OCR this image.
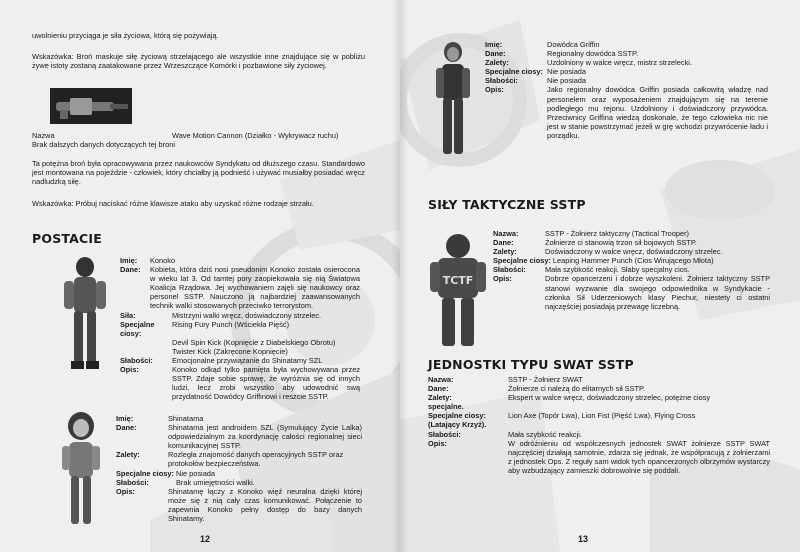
uwolnieniu przyciąga je siła życiowa, którą się pożywiają.

Wskazówka: Broń maskuje siłę życiową strzelającego ale wszystkie inne znajdujące się w pobliżu żywe istoty zostaną zaatakowane przez Wrzeszczące Komórki i pozbawione siły życiowej.

Nazwa	Wave Motion Cannon (Działko - Wykrywacz ruchu)
Brak dalszych danych dotyczących tej broni

Ta potężna broń była opracowywana przez naukowców Syndykatu od dłuższego czasu. Standardowo jest montowana na pojeździe - człowiek, który chciałby ją podnieść i używać musiałby posiadać wręcz nadludzką siłę.

Wskazówka: Próbuj naciskać różne klawisze ataku aby uzyskać różne rodzaje strzału.

POSTACIE
Imię:	Konoko
Dane:	Kobieta, która dziś nosi pseudonim Konoko została osierocona w wieku lat 3. Od tamtej pory zaopiekowała się nią Światowa Koalicja Rządowa. Jej wychowaniem zajęli się naukowcy oraz personel SSTP. Nauczono ją najbardziej zaawansowanych technik walki stosowanych przeciwko terrorystom.
Siła:	Mistrzyni walki wręcz, doświadczony strzelec.
Specjalne ciosy:
Rising Fury Punch (Wściekła Pięść)
Devil Spin Kick (Kopnięcie z Diabelskiego Obrotu)
Twister Kick (Zakręcone Kopnięcie)
Słabości:	Emocjonalne przywiązanie do Shinatamy SZL
Opis:	Konoko odkąd tylko pamięta była wychowywana przez SSTP. Zdaje sobie sprawę, że wyróżnia się od innych ludzi, lecz zrobi wszystko aby udowodnić swą przydatność Dowódcy Griffinowi i reszcie SSTP.
Imię:	Shinatama
Dane:	Shinatama jest androidem SZL (Symulujący Życie Lalka) odpowiedzialnym za koordynację całości regionalnej sieci komunikacyjnej SSTP.
Zalety:	Rozległa znajomość danych operacyjnych SSTP oraz protokołów bezpieczeństwa.
Specjalne ciosy: Nie posiada
Słabości:	Brak umiejętności walki.
Opis:	Shinatamę łączy z Konoko więź neuralna dzięki której może się z nią cały czas komunikować. Połączenie to zapewnia Konoko pełny dostęp do bazy danych Shinatamy.
12
Imię:	Dowódca Griffin
Dane:	Regionalny dowódca SSTP.
Zalety:	Uzdolniony w walce wręcz, mistrz strzelecki.
Specjalne ciosy: Nie posiada
Słabości:	Nie posiada
Opis:	Jako regionalny dowódca Griffin posiada całkowitą władzę nad personelem oraz wyposażeniem znajdującym się na terenie podległego mu rejonu. Uzdolniony i doświadczony przywódca. Przeciwnicy Griffina wiedzą doskonale, że tego człowieka nic nie jest w stanie powstrzymać jeżeli w grę wchodzi przywrócenie ładu i porządku.
SIŁY TAKTYCZNE SSTP
TCTF
Nazwa:	SSTP - Żołnierz taktyczny (Tactical Trooper)
Dane:	Żołnierze ci stanowią trzon sił bojowych SSTP.
Zalety:	Doświadczony w walce wręcz, doświadczony strzelec.
Specjalne ciosy: Leaping Hammer Punch (Cios Wirującego Młota)
Słabości:	Mała szybkość reakcji. Słaby specjalny cios.
Opis:	Dobrze opancerzeni i dobrze wyszkoleni. Żołnierz taktyczny SSTP stanowi wyzwanie dla swojego odpowiednika w Syndykacie - członka Sił Uderzeniowych klasy Piechur, niestety ci ostatni najczęściej posiadają przewagę liczebną.
JEDNOSTKI TYPU SWAT SSTP
Nazwa:	SSTP - Żołnierz SWAT
Dane:	Żołnierze ci należą do elitarnych sił SSTP.
Zalety:	Ekspert w walce wręcz, doświadczony strzelec, potężne ciosy
specjalne.
Specjalne ciosy:	Lion Axe (Topór Lwa), Lion Fist (Pięść Lwa), Flying Cross
(Latający Krzyż).
Słabości:	Mała szybkość reakcji.
Opis:	W odróżnieniu od współczesnych jednostek SWAT żołnierze SSTP SWAT najczęściej działają samotnie, zdarza się jednak, że współpracują z żołnierzami z jednostek Ops. Z reguły sam widok tych opancerzonych olbrzymów wystarczy aby wzbudzający zamieszki dobrowolnie się poddali.
13
